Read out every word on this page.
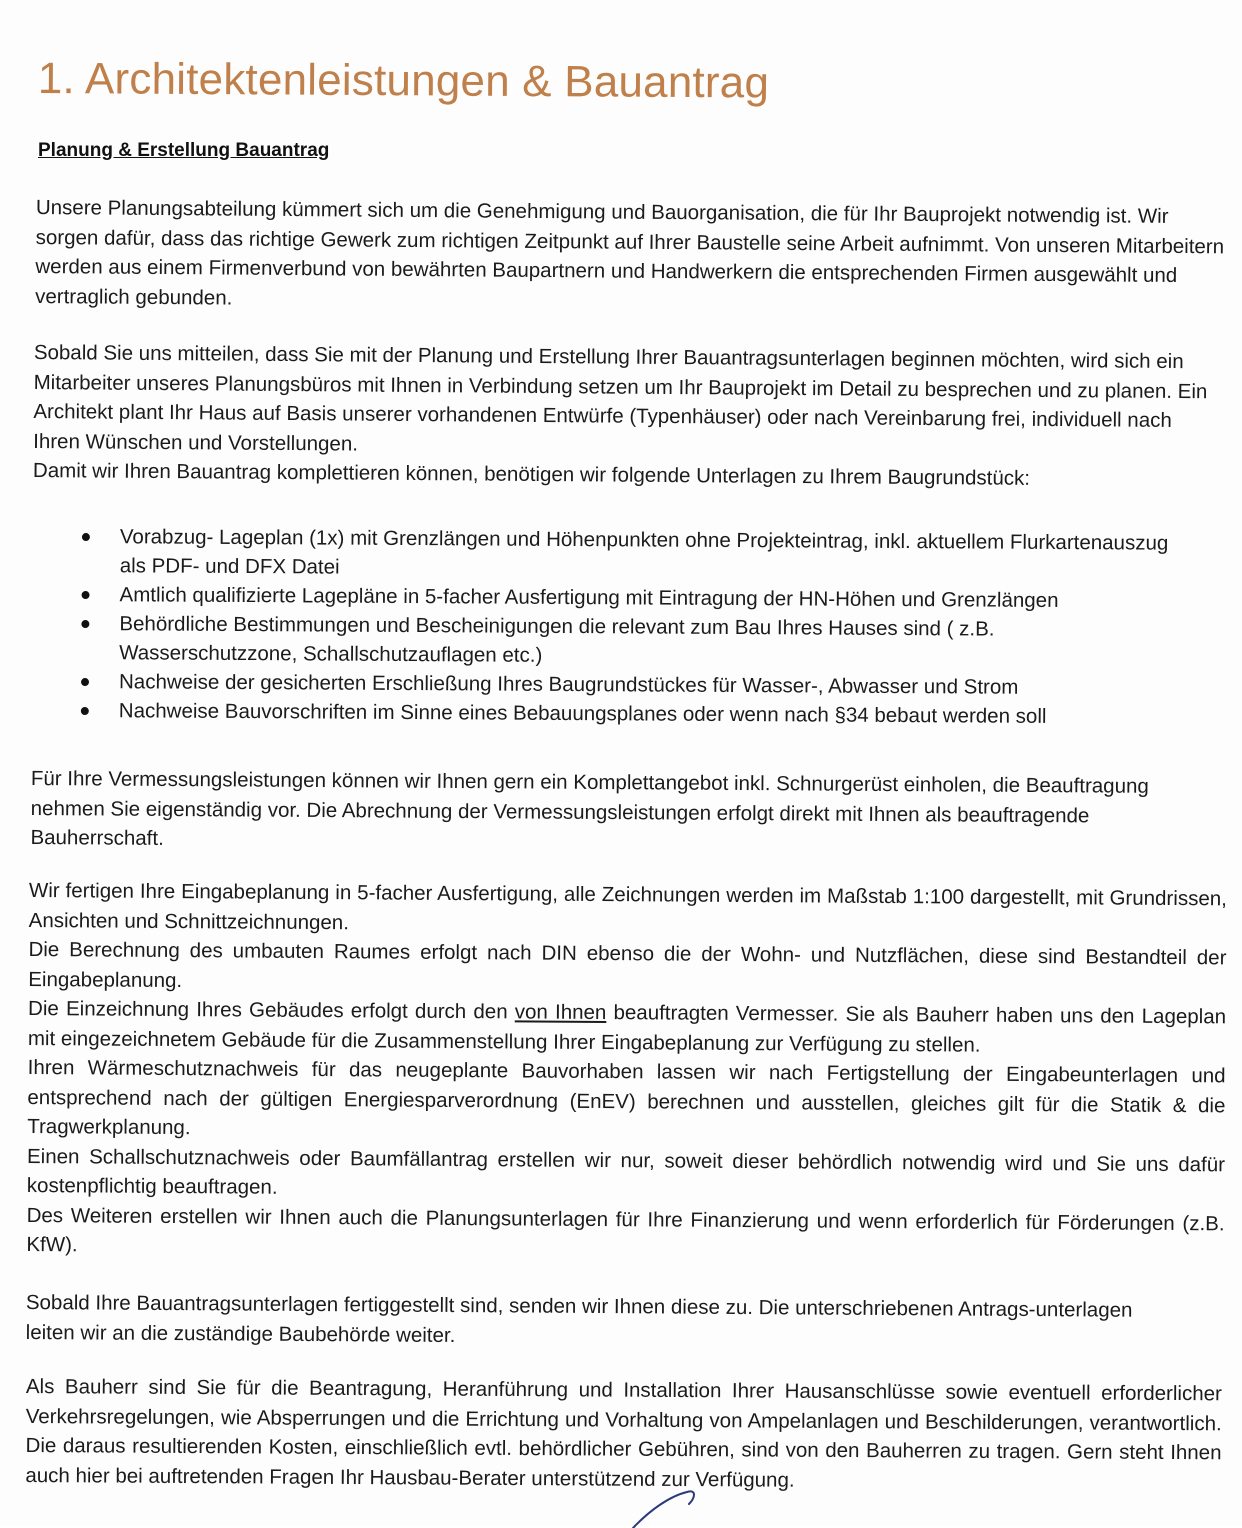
1. Architektenleistungen & Bauantrag
Planung & Erstellung Bauantrag

Unsere Planungsabteilung kümmert sich um die Genehmigung und Bauorganisation, die für Ihr Bauprojekt notwendig ist. Wir sorgen dafür, dass das richtige Gewerk zum richtigen Zeitpunkt auf Ihrer Baustelle seine Arbeit aufnimmt. Von unseren Mitarbeitern werden aus einem Firmenverbund von bewährten Baupartnern und Handwerkern die entsprechenden Firmen ausgewählt und vertraglich gebunden.

Sobald Sie uns mitteilen, dass Sie mit der Planung und Erstellung Ihrer Bauantragsunterlagen beginnen möchten, wird sich ein Mitarbeiter unseres Planungsbüros mit Ihnen in Verbindung setzen um Ihr Bauprojekt im Detail zu besprechen und zu planen. Ein Architekt plant Ihr Haus auf Basis unserer vorhandenen Entwürfe (Typenhäuser) oder nach Vereinbarung frei, individuell nach Ihren Wünschen und Vorstellungen.

Damit wir Ihren Bauantrag komplettieren können, benötigen wir folgende Unterlagen zu Ihrem Baugrundstück:

Vorabzug- Lageplan (1x) mit Grenzlängen und Höhenpunkten ohne Projekteintrag, inkl. aktuellem Flurkartenauszug als PDF- und DFX Datei
Amtlich qualifizierte Lagepläne in 5-facher Ausfertigung mit Eintragung der HN-Höhen und Grenzlängen
Behördliche Bestimmungen und Bescheinigungen die relevant zum Bau Ihres Hauses sind ( z.B. Wasserschutzzone, Schallschutzauflagen etc.)
Nachweise der gesicherten Erschließung Ihres Baugrundstückes für Wasser-, Abwasser und Strom
Nachweise Bauvorschriften im Sinne eines Bebauungsplanes oder wenn nach §34 bebaut werden soll

Für Ihre Vermessungsleistungen können wir Ihnen gern ein Komplettangebot inkl. Schnurgerüst einholen, die Beauftragung nehmen Sie eigenständig vor. Die Abrechnung der Vermessungsleistungen erfolgt direkt mit Ihnen als beauftragende Bauherrschaft.

Wir fertigen Ihre Eingabeplanung in 5-facher Ausfertigung, alle Zeichnungen werden im Maßstab 1:100 dargestellt, mit Grundrissen, Ansichten und Schnittzeichnungen.

Die Berechnung des umbauten Raumes erfolgt nach DIN ebenso die der Wohn- und Nutzflächen, diese sind Bestandteil der Eingabeplanung.

Die Einzeichnung Ihres Gebäudes erfolgt durch den von Ihnen beauftragten Vermesser. Sie als Bauherr haben uns den Lageplan mit eingezeichnetem Gebäude für die Zusammenstellung Ihrer Eingabeplanung zur Verfügung zu stellen.

Ihren Wärmeschutznachweis für das neugeplante Bauvorhaben lassen wir nach Fertigstellung der Eingabeunterlagen und entsprechend nach der gültigen Energiesparverordnung (EnEV) berechnen und ausstellen, gleiches gilt für die Statik & die Tragwerkplanung.

Einen Schallschutznachweis oder Baumfällantrag erstellen wir nur, soweit dieser behördlich notwendig wird und Sie uns dafür kostenpflichtig beauftragen.

Des Weiteren erstellen wir Ihnen auch die Planungsunterlagen für Ihre Finanzierung und wenn erforderlich für Förderungen (z.B. KfW).

Sobald Ihre Bauantragsunterlagen fertiggestellt sind, senden wir Ihnen diese zu. Die unterschriebenen Antrags-unterlagen leiten wir an die zuständige Baubehörde weiter.

Als Bauherr sind Sie für die Beantragung, Heranführung und Installation Ihrer Hausanschlüsse sowie eventuell erforderlicher Verkehrsregelungen, wie Absperrungen und die Errichtung und Vorhaltung von Ampelanlagen und Beschilderungen, verantwortlich. Die daraus resultierenden Kosten, einschließlich evtl. behördlicher Gebühren, sind von den Bauherren zu tragen. Gern steht Ihnen auch hier bei auftretenden Fragen Ihr Hausbau-Berater unterstützend zur Verfügung.
